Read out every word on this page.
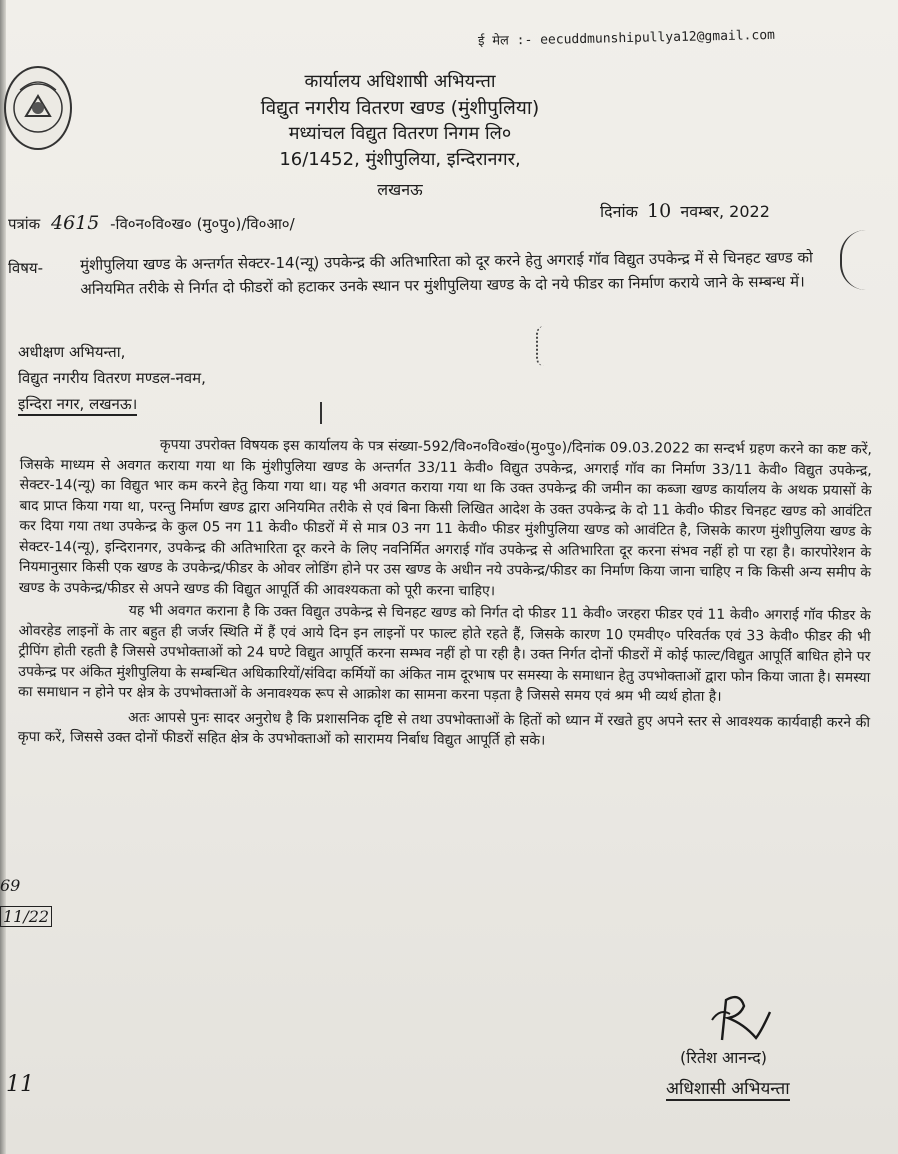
ई मेल :- eecuddmunshipullya12@gmail.com
कार्यालय अधिशाषी अभियन्ता
विद्युत नगरीय वितरण खण्ड (मुंशीपुलिया)
मध्यांचल विद्युत वितरण निगम लि०
16/1452, मुंशीपुलिया, इन्दिरानगर,
लखनऊ
पत्रांक 4615 -वि०न०वि०ख० (मु०पु०)/वि०आ०/
दिनांक 10 नवम्बर, 2022
विषय- मुंशीपुलिया खण्ड के अन्तर्गत सेक्टर-14(न्यू) उपकेन्द्र की अतिभारिता को दूर करने हेतु अगराई गॉव विद्युत उपकेन्द्र में से चिनहट खण्ड को अनियमित तरीके से निर्गत दो फीडरों को हटाकर उनके स्थान पर मुंशीपुलिया खण्ड के दो नये फीडर का निर्माण कराये जाने के सम्बन्ध में।
अधीक्षण अभियन्ता,
विद्युत नगरीय वितरण मण्डल-नवम,
इन्दिरा नगर, लखनऊ।

कृपया उपरोक्त विषयक इस कार्यालय के पत्र संख्या-592/वि०न०वि०खं०(मु०पु०)/दिनांक 09.03.2022 का सन्दर्भ ग्रहण करने का कष्ट करें, जिसके माध्यम से अवगत कराया गया था कि मुंशीपुलिया खण्ड के अन्तर्गत 33/11 केवी० विद्युत उपकेन्द्र, अगराई गॉव का निर्माण 33/11 केवी० विद्युत उपकेन्द्र, सेक्टर-14(न्यू) का विद्युत भार कम करने हेतु किया गया था। यह भी अवगत कराया गया था कि उक्त उपकेन्द्र की जमीन का कब्जा खण्ड कार्यालय के अथक प्रयासों के बाद प्राप्त किया गया था, परन्तु निर्माण खण्ड द्वारा अनियमित तरीके से एवं बिना किसी लिखित आदेश के उक्त उपकेन्द्र के दो 11 केवी० फीडर चिनहट खण्ड को आवंटित कर दिया गया तथा उपकेन्द्र के कुल 05 नग 11 केवी० फीडरों में से मात्र 03 नग 11 केवी० फीडर मुंशीपुलिया खण्ड को आवंटित है, जिसके कारण मुंशीपुलिया खण्ड के सेक्टर-14(न्यू), इन्दिरानगर, उपकेन्द्र की अतिभारिता दूर करने के लिए नवनिर्मित अगराई गॉव उपकेन्द्र से अतिभारिता दूर करना संभव नहीं हो पा रहा है। कारपोरेशन के नियमानुसार किसी एक खण्ड के उपकेन्द्र/फीडर के ओवर लोडिंग होने पर उस खण्ड के अधीन नये उपकेन्द्र/फीडर का निर्माण किया जाना चाहिए न कि किसी अन्य समीप के खण्ड के उपकेन्द्र/फीडर से अपने खण्ड की विद्युत आपूर्ति की आवश्यकता को पूरी करना चाहिए।

यह भी अवगत कराना है कि उक्त विद्युत उपकेन्द्र से चिनहट खण्ड को निर्गत दो फीडर 11 केवी० जरहरा फीडर एवं 11 केवी० अगराई गॉव फीडर के ओवरहेड लाइनों के तार बहुत ही जर्जर स्थिति में हैं एवं आये दिन इन लाइनों पर फाल्ट होते रहते हैं, जिसके कारण 10 एमवीए० परिवर्तक एवं 33 केवी० फीडर की भी ट्रीपिंग होती रहती है जिससे उपभोक्ताओं को 24 घण्टे विद्युत आपूर्ति करना सम्भव नहीं हो पा रही है। उक्त निर्गत दोनों फीडरों में कोई फाल्ट/विद्युत आपूर्ति बाधित होने पर उपकेन्द्र पर अंकित मुंशीपुलिया के सम्बन्धित अधिकारियों/संविदा कर्मियों का अंकित नाम दूरभाष पर समस्या के समाधान हेतु उपभोक्ताओं द्वारा फोन किया जाता है। समस्या का समाधान न होने पर क्षेत्र के उपभोक्ताओं के अनावश्यक रूप से आक्रोश का सामना करना पड़ता है जिससे समय एवं श्रम भी व्यर्थ होता है।

अतः आपसे पुनः सादर अनुरोध है कि प्रशासनिक दृष्टि से तथा उपभोक्ताओं के हितों को ध्यान में रखते हुए अपने स्तर से आवश्यक कार्यवाही करने की कृपा करें, जिससे उक्त दोनों फीडरों सहित क्षेत्र के उपभोक्ताओं को सारामय निर्बाध विद्युत आपूर्ति हो सके।

69
11/22
11
(रितेश आनन्द)
अधिशासी अभियन्ता
